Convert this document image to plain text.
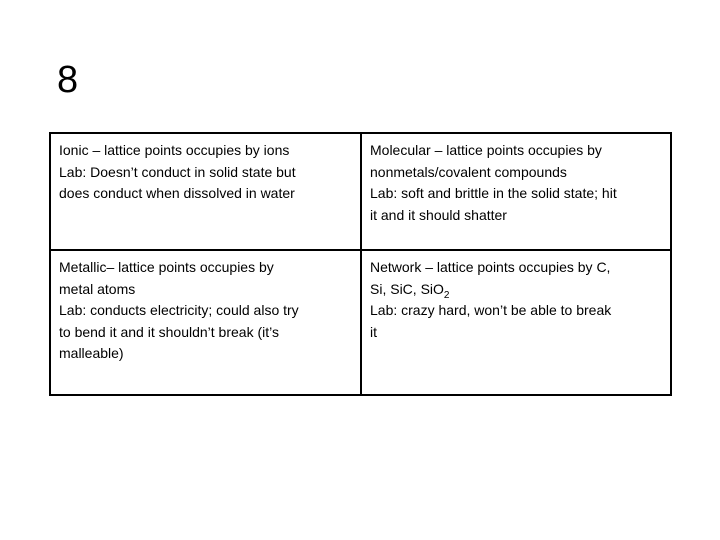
8
Ionic – lattice points occupies by ions
Lab: Doesn’t conduct in solid state but
does conduct when dissolved in water
Molecular – lattice points occupies by
nonmetals/covalent compounds
Lab: soft and brittle in the solid state; hit
it and it should shatter
Metallic– lattice points occupies by
metal atoms
Lab: conducts electricity; could also try
to bend it and it shouldn’t break (it’s
malleable)
Network – lattice points occupies by C,
Si, SiC, SiO$_2$
Lab: crazy hard, won’t be able to break
it
